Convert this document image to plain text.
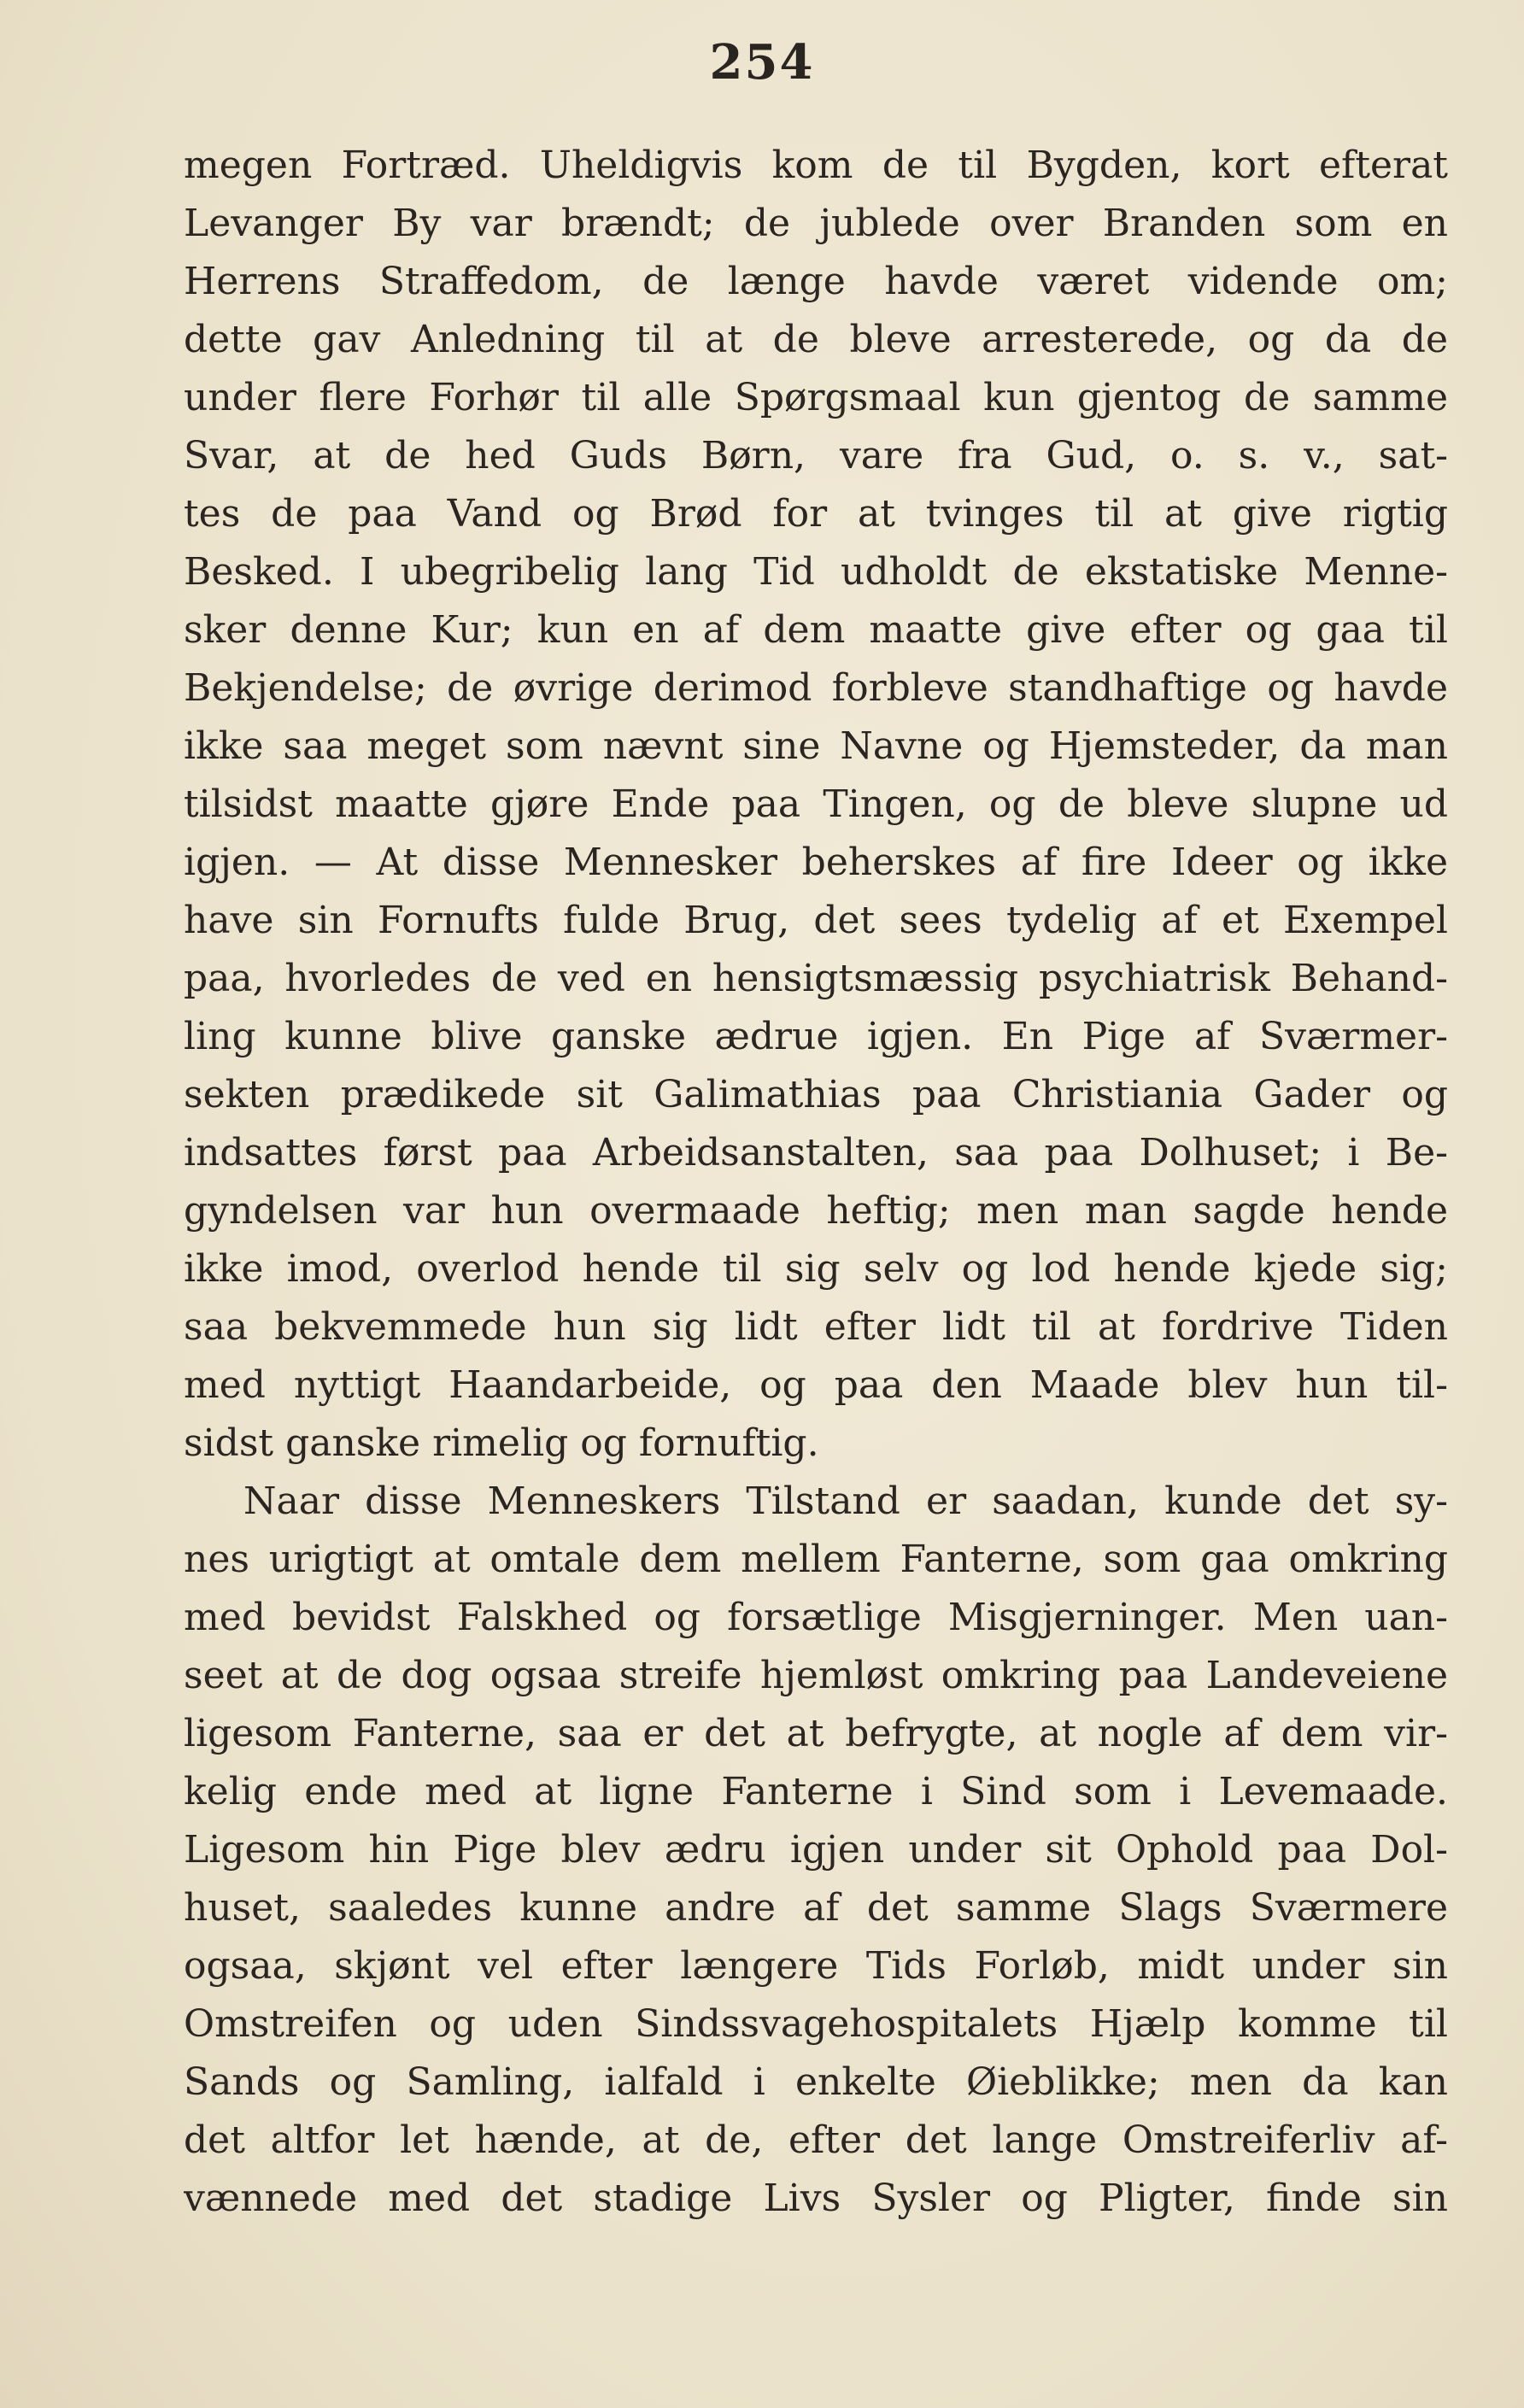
254
megen Fortræd. Uheldigvis kom de til Bygden, kort efterat
Levanger By var brændt; de jublede over Branden som en
Herrens Straffedom, de længe havde været vidende om;
dette gav Anledning til at de bleve arresterede, og da de
under flere Forhør til alle Spørgsmaal kun gjentog de samme
Svar, at de hed Guds Børn, vare fra Gud, o. s. v., sat-
tes de paa Vand og Brød for at tvinges til at give rigtig
Besked. I ubegribelig lang Tid udholdt de ekstatiske Menne-
sker denne Kur; kun en af dem maatte give efter og gaa til
Bekjendelse; de øvrige derimod forbleve standhaftige og havde
ikke saa meget som nævnt sine Navne og Hjemsteder, da man
tilsidst maatte gjøre Ende paa Tingen, og de bleve slupne ud
igjen. — At disse Mennesker beherskes af fire Ideer og ikke
have sin Fornufts fulde Brug, det sees tydelig af et Exempel
paa, hvorledes de ved en hensigtsmæssig psychiatrisk Behand-
ling kunne blive ganske ædrue igjen. En Pige af Sværmer-
sekten prædikede sit Galimathias paa Christiania Gader og
indsattes først paa Arbeidsanstalten, saa paa Dolhuset; i Be-
gyndelsen var hun overmaade heftig; men man sagde hende
ikke imod, overlod hende til sig selv og lod hende kjede sig;
saa bekvemmede hun sig lidt efter lidt til at fordrive Tiden
med nyttigt Haandarbeide, og paa den Maade blev hun til-
sidst ganske rimelig og fornuftig.
Naar disse Menneskers Tilstand er saadan, kunde det sy-
nes urigtigt at omtale dem mellem Fanterne, som gaa omkring
med bevidst Falskhed og forsætlige Misgjerninger. Men uan-
seet at de dog ogsaa streife hjemløst omkring paa Landeveiene
ligesom Fanterne, saa er det at befrygte, at nogle af dem vir-
kelig ende med at ligne Fanterne i Sind som i Levemaade.
Ligesom hin Pige blev ædru igjen under sit Ophold paa Dol-
huset, saaledes kunne andre af det samme Slags Sværmere
ogsaa, skjønt vel efter længere Tids Forløb, midt under sin
Omstreifen og uden Sindssvagehospitalets Hjælp komme til
Sands og Samling, ialfald i enkelte Øieblikke; men da kan
det altfor let hænde, at de, efter det lange Omstreiferliv af-
vænnede med det stadige Livs Sysler og Pligter, finde sin
